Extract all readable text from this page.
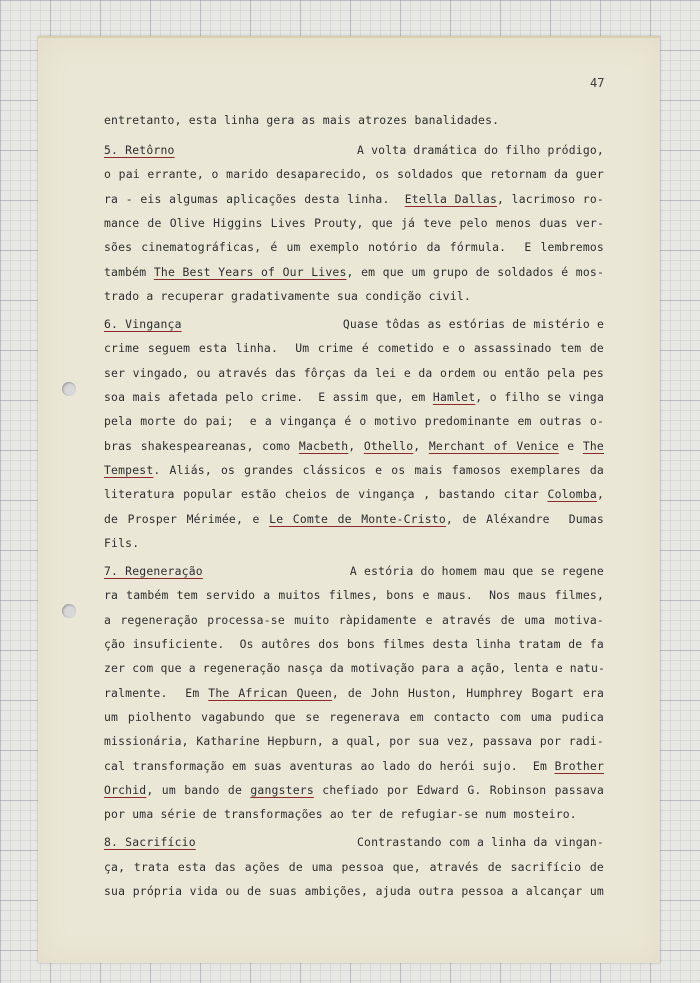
47
entretanto, esta linha gera as mais atrozes banalidades.
5. Retôrno	A volta dramática do filho pródigo,
o pai errante, o marido desaparecido, os soldados que retornam da guer
ra - eis algumas aplicações desta linha.  Etella Dallas, lacrimoso ro-
mance de Olive Higgins Lives Prouty, que já teve pelo menos duas ver-
sões cinematográficas, é um exemplo notório da fórmula.  E lembremos
também The Best Years of Our Lives, em que um grupo de soldados é mos-
trado a recuperar gradativamente sua condição civil.
6. Vingança	Quase tôdas as estórias de mistério e
crime seguem esta linha.  Um crime é cometido e o assassinado tem de
ser vingado, ou através das fôrças da lei e da ordem ou então pela pes
soa mais afetada pelo crime.  E assim que, em Hamlet, o filho se vinga
pela morte do pai;  e a vingança é o motivo predominante em outras o-
bras shakespeareanas, como Macbeth, Othello, Merchant of Venice e The
Tempest. Aliás, os grandes clássicos e os mais famosos exemplares da
literatura popular estão cheios de vingança , bastando citar Colomba,
de Prosper Mérimée, e Le Comte de Monte-Cristo, de Aléxandre  Dumas
Fils.
7. Regeneração	A estória do homem mau que se regene
ra também tem servido a muitos filmes, bons e maus.  Nos maus filmes,
a regeneração processa-se muito ràpidamente e através de uma motiva-
ção insuficiente.  Os autôres dos bons filmes desta linha tratam de fa
zer com que a regeneração nasça da motivação para a ação, lenta e natu-
ralmente.  Em The African Queen, de John Huston, Humphrey Bogart era
um piolhento vagabundo que se regenerava em contacto com uma pudica
missionária, Katharine Hepburn, a qual, por sua vez, passava por radi-
cal transformação em suas aventuras ao lado do herói sujo.  Em Brother
Orchid, um bando de gangsters chefiado por Edward G. Robinson passava
por uma série de transformações ao ter de refugiar-se num mosteiro.
8. Sacrifício	Contrastando com a linha da vingan-
ça, trata esta das ações de uma pessoa que, através de sacrifício de
sua própria vida ou de suas ambições, ajuda outra pessoa a alcançar um
